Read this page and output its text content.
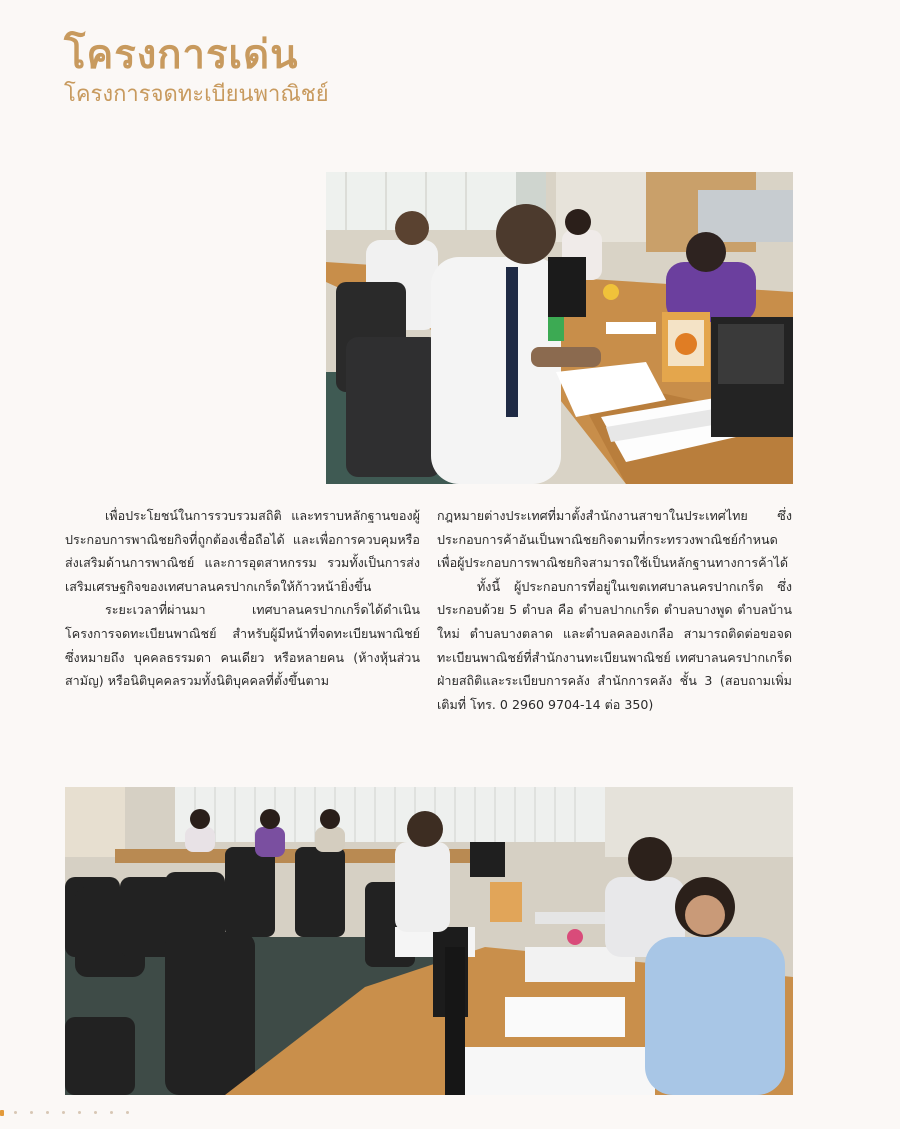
โครงการเด่น
โครงการจดทะเบียนพาณิชย์

เพื่อประโยชน์ในการรวบรวมสถิติ และทราบหลักฐานของผู้ประกอบการพาณิชยกิจที่ถูกต้องเชื่อถือได้ และเพื่อการควบคุมหรือส่งเสริมด้านการพาณิชย์ และการอุตสาหกรรม รวมทั้งเป็นการส่งเสริมเศรษฐกิจของเทศบาลนครปากเกร็ดให้ก้าวหน้ายิ่งขึ้น

ระยะเวลาที่ผ่านมา เทศบาลนครปากเกร็ดได้ดำเนินโครงการจดทะเบียนพาณิชย์ สำหรับผู้มีหน้าที่จดทะเบียนพาณิชย์ ซึ่งหมายถึง บุคคลธรรมดา คนเดียว หรือหลายคน (ห้างหุ้นส่วนสามัญ) หรือนิติบุคคลรวมทั้งนิติบุคคลที่ตั้งขึ้นตาม

กฎหมายต่างประเทศที่มาตั้งสำนักงานสาขาในประเทศไทย ซึ่งประกอบการค้าอันเป็นพาณิชยกิจตามที่กระทรวงพาณิชย์กำหนด เพื่อผู้ประกอบการพาณิชยกิจสามารถใช้เป็นหลักฐานทางการค้าได้

ทั้งนี้ ผู้ประกอบการที่อยู่ในเขตเทศบาลนครปากเกร็ด ซึ่งประกอบด้วย 5 ตำบล คือ ตำบลปากเกร็ด ตำบลบางพูด ตำบลบ้านใหม่ ตำบลบางตลาด และตำบลคลองเกลือ สามารถติดต่อขอจดทะเบียนพาณิชย์ที่สำนักงานทะเบียนพาณิชย์ เทศบาลนครปากเกร็ด ฝ่ายสถิติและระเบียบการคลัง สำนักการคลัง ชั้น 3 (สอบถามเพิ่มเติมที่ โทร. 0 2960 9704-14 ต่อ 350)
